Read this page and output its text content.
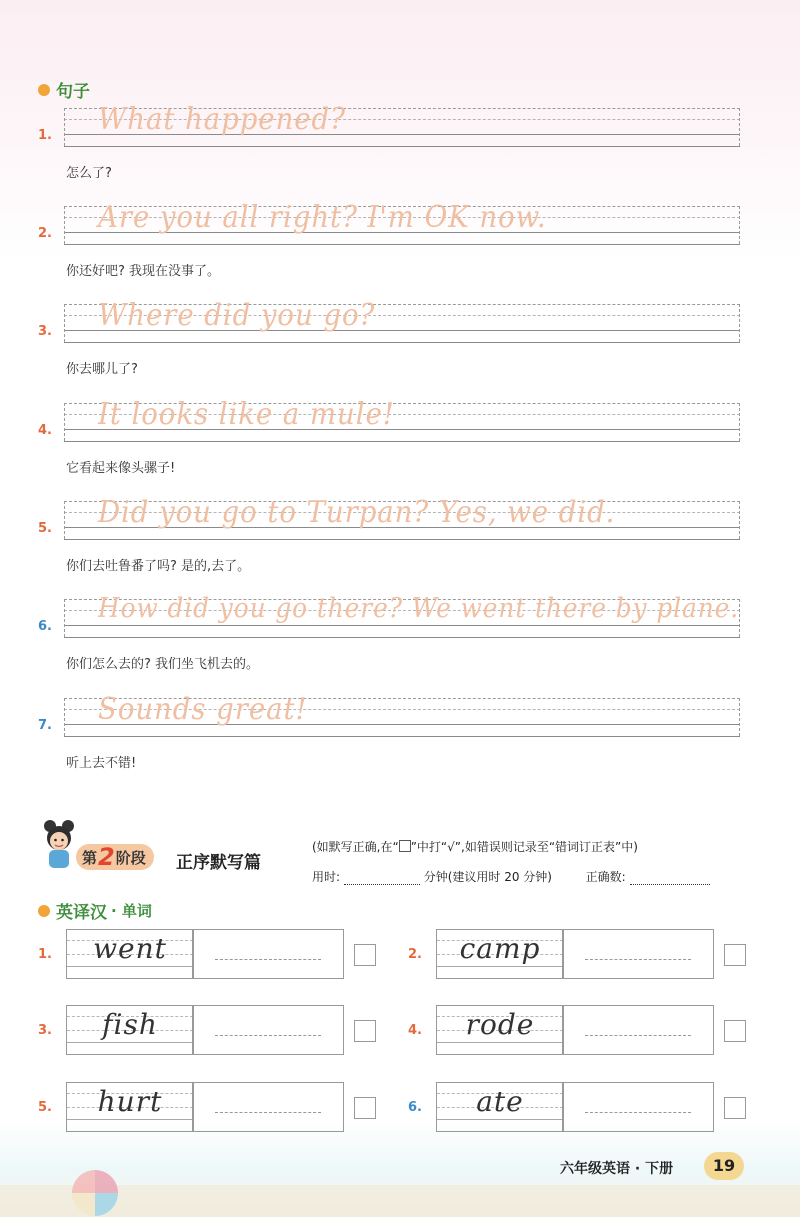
句子
1. What happened?
怎么了?
2. Are you all right? I'm OK now.
你还好吧? 我现在没事了。
3. Where did you go?
你去哪儿了?
4. It looks like a mule!
它看起来像头骡子!
5. Did you go to Turpan? Yes, we did.
你们去吐鲁番了吗? 是的,去了。
6.
How did you go there? We went there by plane.
你们怎么去的? 我们坐飞机去的。
7. Sounds great!
听上去不错!
第 2 阶段 正序默写篇
(如默写正确,在“ ”中打“√”,如错误则记录至“错词订正表”中)
用时:	分钟(建议用时 20 分钟)	正确数:
英译汉 · 单词
1.	went	2.	camp
3.	fish	4.	rode
5.	hurt	6.	ate
六年级英语 · 下册	19
